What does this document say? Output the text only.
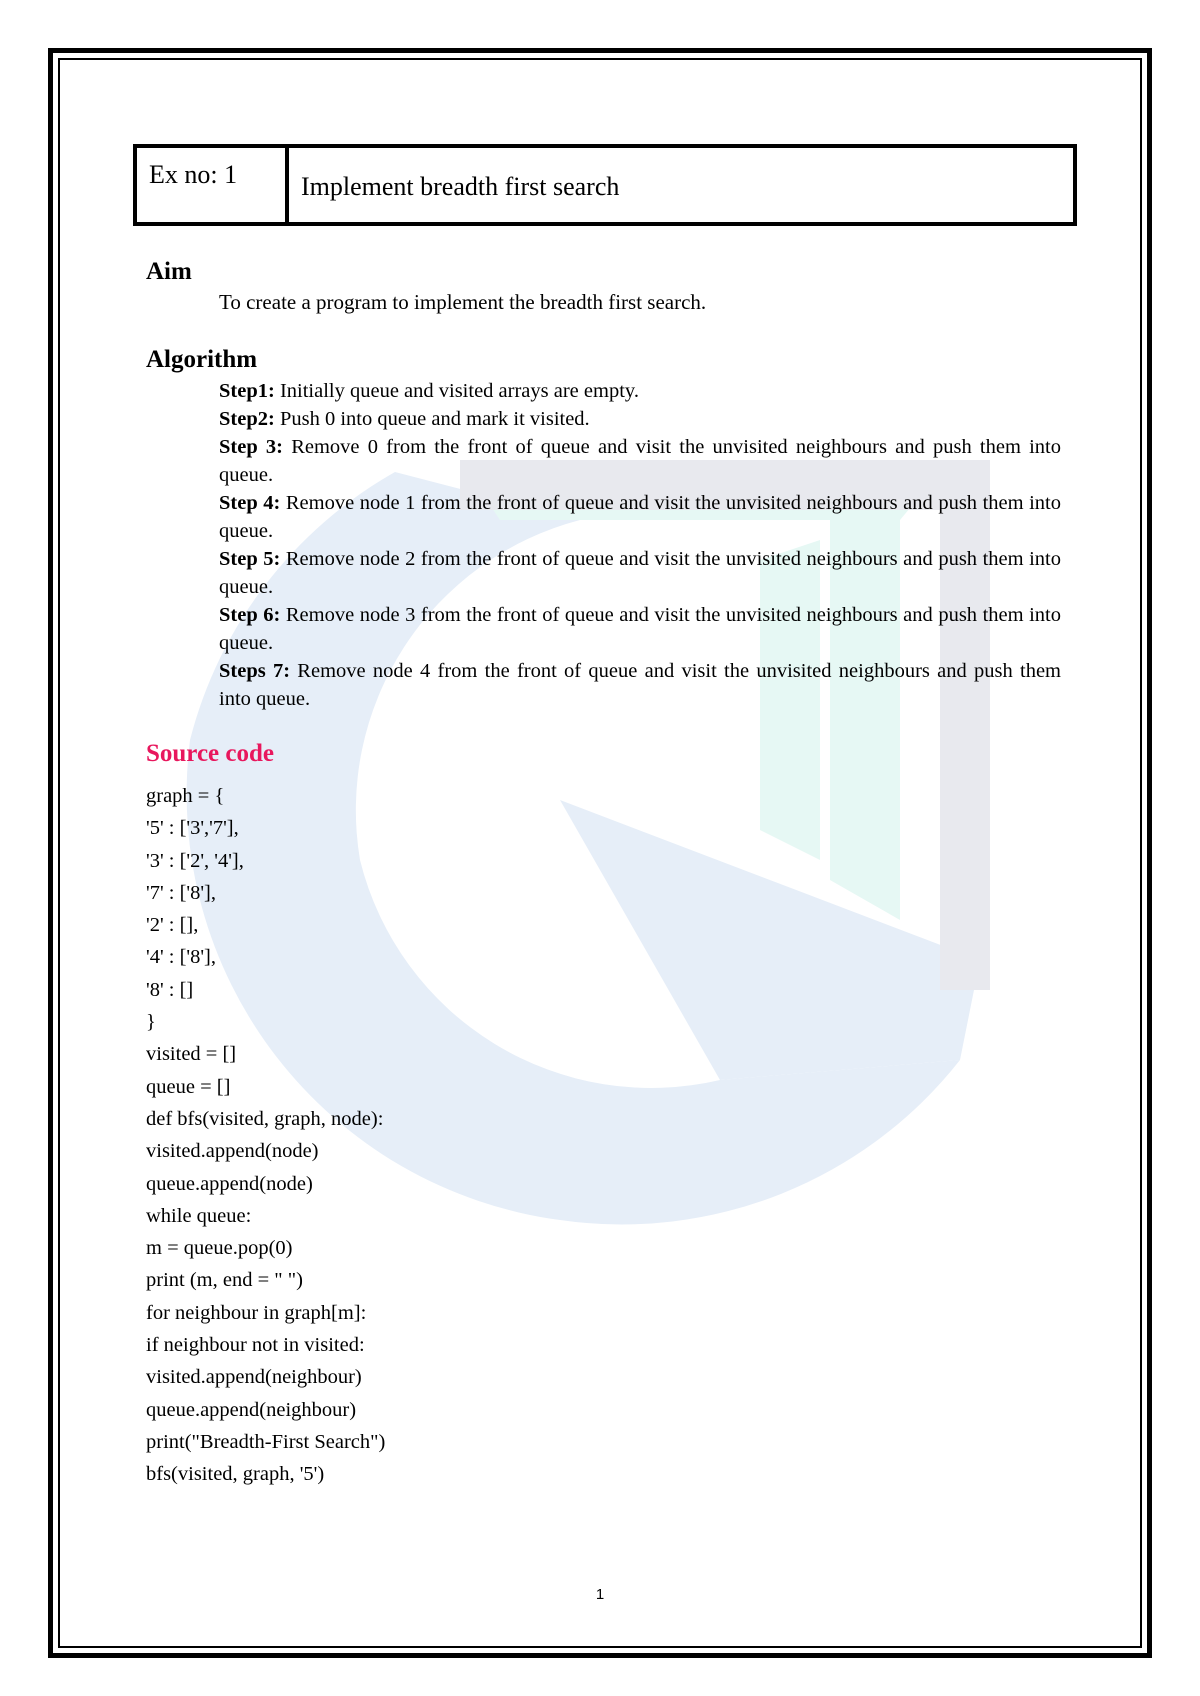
Ex no: 1	Implement breadth first search
Aim
To create a program to implement the breadth first search.
Algorithm

Step1: Initially queue and visited arrays are empty.

Step2: Push 0 into queue and mark it visited.

Step 3: Remove 0 from the front of queue and visit the unvisited neighbours and push them into queue.

Step 4: Remove node 1 from the front of queue and visit the unvisited neighbours and push them into queue.

Step 5: Remove node 2 from the front of queue and visit the unvisited neighbours and push them into queue.

Step 6: Remove node 3 from the front of queue and visit the unvisited neighbours and push them into queue.

Steps 7: Remove node 4 from the front of queue and visit the unvisited neighbours and push them into queue.

Source code
graph = {
'5' : ['3','7'],
'3' : ['2', '4'],
'7' : ['8'],
'2' : [],
'4' : ['8'],
'8' : []
}
visited = []
queue = []
def bfs(visited, graph, node):
visited.append(node)
queue.append(node)
while queue:
m = queue.pop(0)
print (m, end = " ")
for neighbour in graph[m]:
if neighbour not in visited:
visited.append(neighbour)
queue.append(neighbour)
print("Breadth-First Search")
bfs(visited, graph, '5')
1
